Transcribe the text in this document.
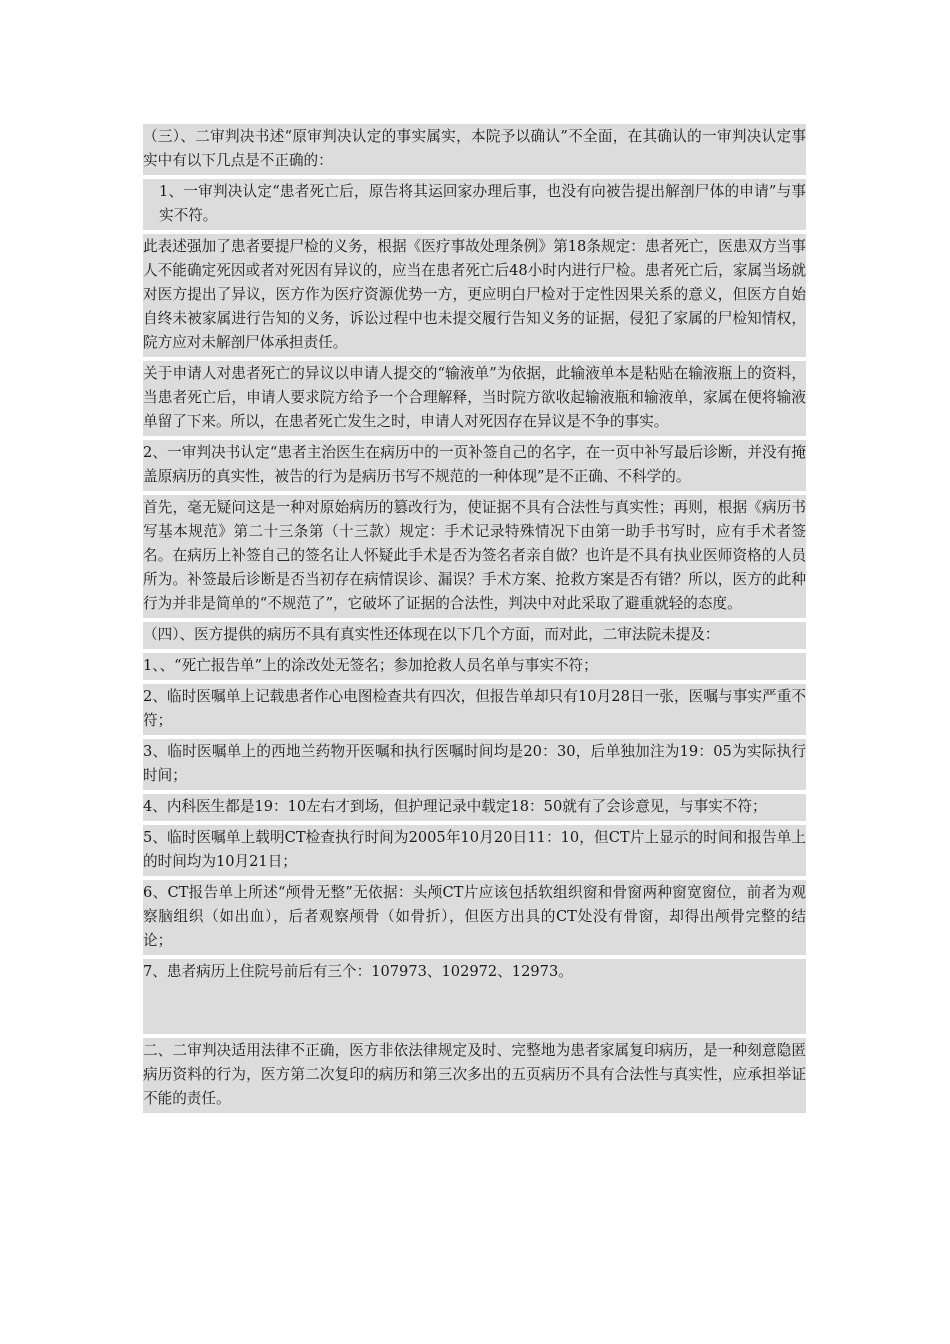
（三）、二审判决书述“原审判决认定的事实属实，本院予以确认”不全面，在其确认的一审判决认定事实中有以下几点是不正确的：

1、一审判决认定“患者死亡后，原告将其运回家办理后事，也没有向被告提出解剖尸体的申请”与事实不符。

此表述强加了患者要提尸检的义务，根据《医疗事故处理条例》第18条规定：患者死亡，医患双方当事人不能确定死因或者对死因有异议的，应当在患者死亡后48小时内进行尸检。患者死亡后，家属当场就对医方提出了异议，医方作为医疗资源优势一方，更应明白尸检对于定性因果关系的意义，但医方自始自终未被家属进行告知的义务，诉讼过程中也未提交履行告知义务的证据，侵犯了家属的尸检知情权，院方应对未解剖尸体承担责任。

关于申请人对患者死亡的异议以申请人提交的“输液单”为依据，此输液单本是粘贴在输液瓶上的资料，当患者死亡后，申请人要求院方给予一个合理解释，当时院方欲收起输液瓶和输液单，家属在便将输液单留了下来。所以，在患者死亡发生之时，申请人对死因存在异议是不争的事实。

2、一审判决书认定“患者主治医生在病历中的一页补签自己的名字，在一页中补写最后诊断，并没有掩盖原病历的真实性，被告的行为是病历书写不规范的一种体现”是不正确、不科学的。

首先，毫无疑问这是一种对原始病历的篡改行为，使证据不具有合法性与真实性；再则，根据《病历书写基本规范》第二十三条第（十三款）规定：手术记录特殊情况下由第一助手书写时，应有手术者签名。在病历上补签自己的签名让人怀疑此手术是否为签名者亲自做？也许是不具有执业医师资格的人员所为。补签最后诊断是否当初存在病情误诊、漏误？手术方案、抢救方案是否有错？所以，医方的此种行为并非是简单的“不规范了”，它破坏了证据的合法性，判决中对此采取了避重就轻的态度。

（四）、医方提供的病历不具有真实性还体现在以下几个方面，而对此，二审法院未提及：

1、、“死亡报告单”上的涂改处无签名；参加抢救人员名单与事实不符；

2、临时医嘱单上记载患者作心电图检查共有四次，但报告单却只有10月28日一张，医嘱与事实严重不符；

3、临时医嘱单上的西地兰药物开医嘱和执行医嘱时间均是20：30，后单独加注为19：05为实际执行时间；

4、内科医生都是19：10左右才到场，但护理记录中载定18：50就有了会诊意见，与事实不符；

5、临时医嘱单上载明CT检查执行时间为2005年10月20日11：10，但CT片上显示的时间和报告单上的时间均为10月21日；

6、CT报告单上所述“颅骨无整”无依据：头颅CT片应该包括软组织窗和骨窗两种窗宽窗位，前者为观察脑组织（如出血），后者观察颅骨（如骨折），但医方出具的CT处没有骨窗，却得出颅骨完整的结论；

7、患者病历上住院号前后有三个：107973、102972、12973。

二、二审判决适用法律不正确，医方非依法律规定及时、完整地为患者家属复印病历，是一种刻意隐匿病历资料的行为，医方第二次复印的病历和第三次多出的五页病历不具有合法性与真实性，应承担举证不能的责任。
